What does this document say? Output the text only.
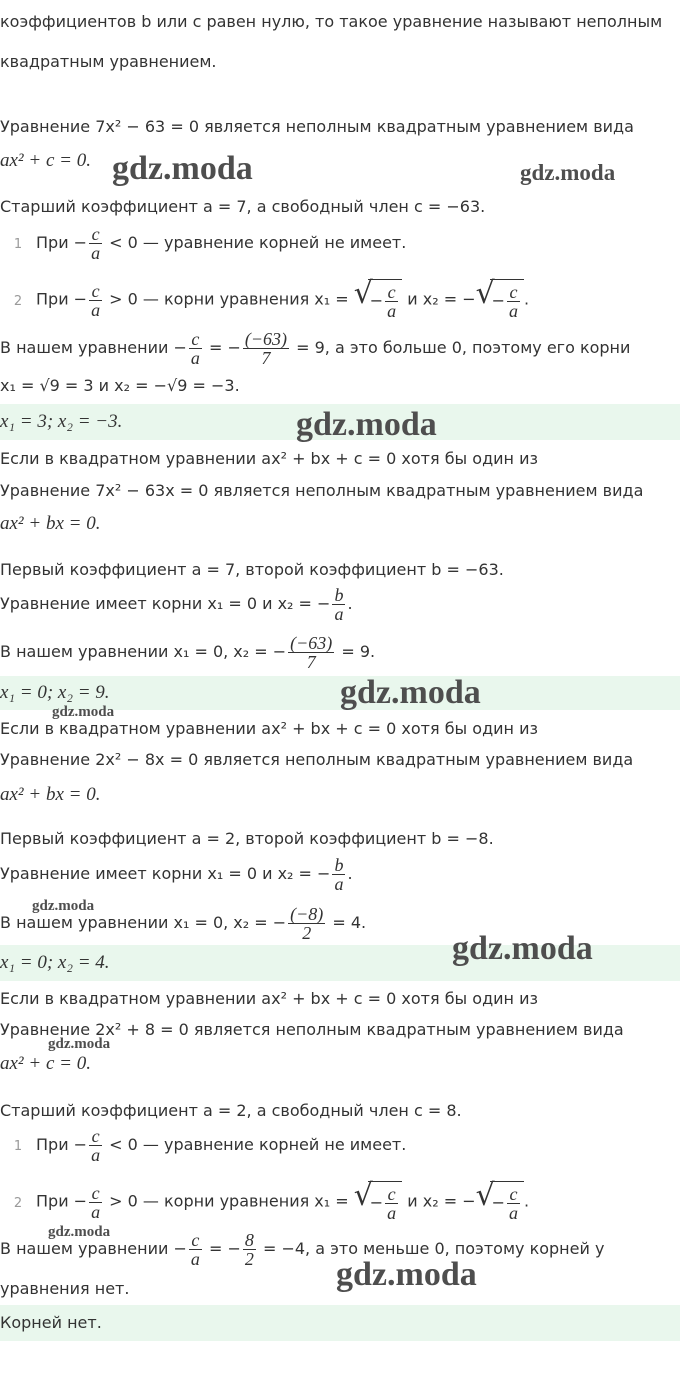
коэффициентов b или c равен нулю, то такое уравнение называют неполным
квадратным уравнением.
Уравнение 7x² − 63 = 0 является неполным квадратным уравнением вида
ax² + c = 0.
Старший коэффициент a = 7, а свободный член c = −63.
1 При − $\frac{c}{a} < 0$ — уравнение корней не имеет.
2 При − $\frac{c}{a} > 0$ — корни уравнения x₁ = √ − $\frac{c}{a}$ и x₂ = − √ − $\frac{c}{a}$ .
В нашем уравнении − $\frac{c}{a}$ = − $\frac{(-63)}{7} = 9$, а это больше 0, поэтому его корни
x₁ = √9 = 3 и x₂ = −√9 = −3.
x₁ = 3; x₂ = −3.
Если в квадратном уравнении ax² + bx + c = 0 хотя бы один из
Уравнение 7x² − 63x = 0 является неполным квадратным уравнением вида
ax² + bx = 0.
Первый коэффициент a = 7, второй коэффициент b = −63.
Уравнение имеет корни x₁ = 0 и x₂ = − $\frac{b}{a}$ .
В нашем уравнении x₁ = 0, x₂ = − $\frac{(-63)}{7} = 9$.
x₁ = 0; x₂ = 9.
Если в квадратном уравнении ax² + bx + c = 0 хотя бы один из
Уравнение 2x² − 8x = 0 является неполным квадратным уравнением вида
ax² + bx = 0.
Первый коэффициент a = 2, второй коэффициент b = −8.
Уравнение имеет корни x₁ = 0 и x₂ = − $\frac{b}{a}$ .
В нашем уравнении x₁ = 0, x₂ = − $\frac{(-8)}{2} = 4$.
x₁ = 0; x₂ = 4.
Если в квадратном уравнении ax² + bx + c = 0 хотя бы один из
Уравнение 2x² + 8 = 0 является неполным квадратным уравнением вида
ax² + c = 0.
Старший коэффициент a = 2, а свободный член c = 8.
1 При − $\frac{c}{a} < 0$ — уравнение корней не имеет.
2 При − $\frac{c}{a} > 0$ — корни уравнения x₁ = √ − $\frac{c}{a}$ и x₂ = − √ − $\frac{c}{a}$ .
В нашем уравнении − $\frac{c}{a}$ = − $\frac{8}{2} = -4$, а это меньше 0, поэтому корней у
уравнения нет.
Корней нет.
gdz.moda	gdz.moda
gdz.moda
gdz.moda
gdz.moda
gdz.moda
gdz.moda
gdz.moda
gdz.moda
gdz.moda
